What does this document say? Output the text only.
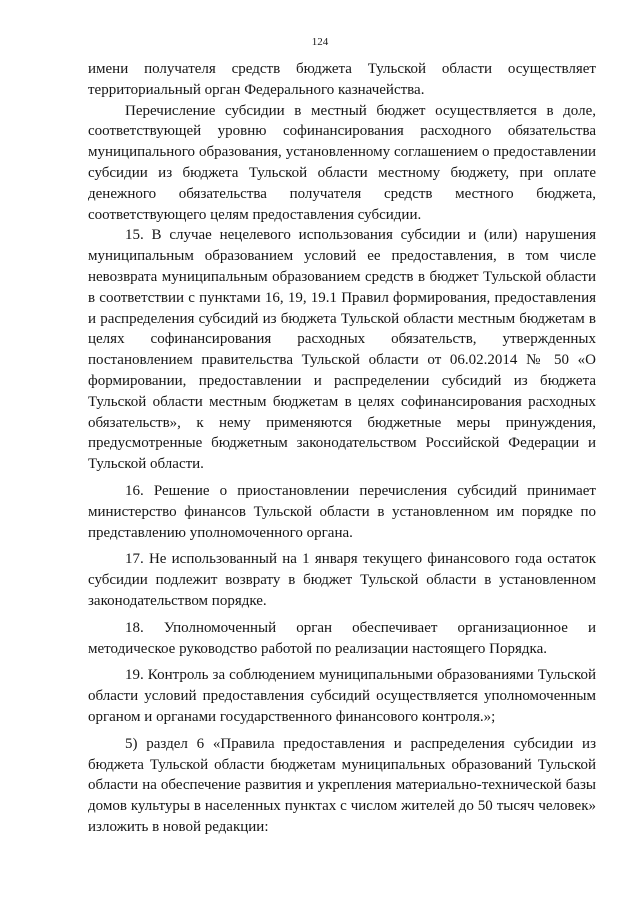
124

имени получателя средств бюджета Тульской области осуществляет территориальный орган Федерального казначейства.

Перечисление субсидии в местный бюджет осуществляется в доле, соответствующей уровню софинансирования расходного обязательства муниципального образования, установленному соглашением о предоставлении субсидии из бюджета Тульской области местному бюджету, при оплате денежного обязательства получателя средств местного бюджета, соответствующего целям предоставления субсидии.

15. В случае нецелевого использования субсидии и (или) нарушения муниципальным образованием условий ее предоставления, в том числе невозврата муниципальным образованием средств в бюджет Тульской области в соответствии с пунктами 16, 19, 19.1 Правил формирования, предоставления и распределения субсидий из бюджета Тульской области местным бюджетам в целях софинансирования расходных обязательств, утвержденных постановлением правительства Тульской области от 06.02.2014 № 50 «О формировании, предоставлении и распределении субсидий из бюджета Тульской области местным бюджетам в целях софинансирования расходных обязательств», к нему применяются бюджетные меры принуждения, предусмотренные бюджетным законодательством Российской Федерации и Тульской области.

16. Решение о приостановлении перечисления субсидий принимает министерство финансов Тульской области в установленном им порядке по представлению уполномоченного органа.

17. Не использованный на 1 января текущего финансового года остаток субсидии подлежит возврату в бюджет Тульской области в установленном законодательством порядке.

18. Уполномоченный орган обеспечивает организационное и методическое руководство работой по реализации настоящего Порядка.

19. Контроль за соблюдением муниципальными образованиями Тульской области условий предоставления субсидий осуществляется уполномоченным органом и органами государственного финансового контроля.»;

5) раздел 6 «Правила предоставления и распределения субсидии из бюджета Тульской области бюджетам муниципальных образований Тульской области на обеспечение развития и укрепления материально-технической базы домов культуры в населенных пунктах с числом жителей до 50 тысяч человек» изложить в новой редакции:
